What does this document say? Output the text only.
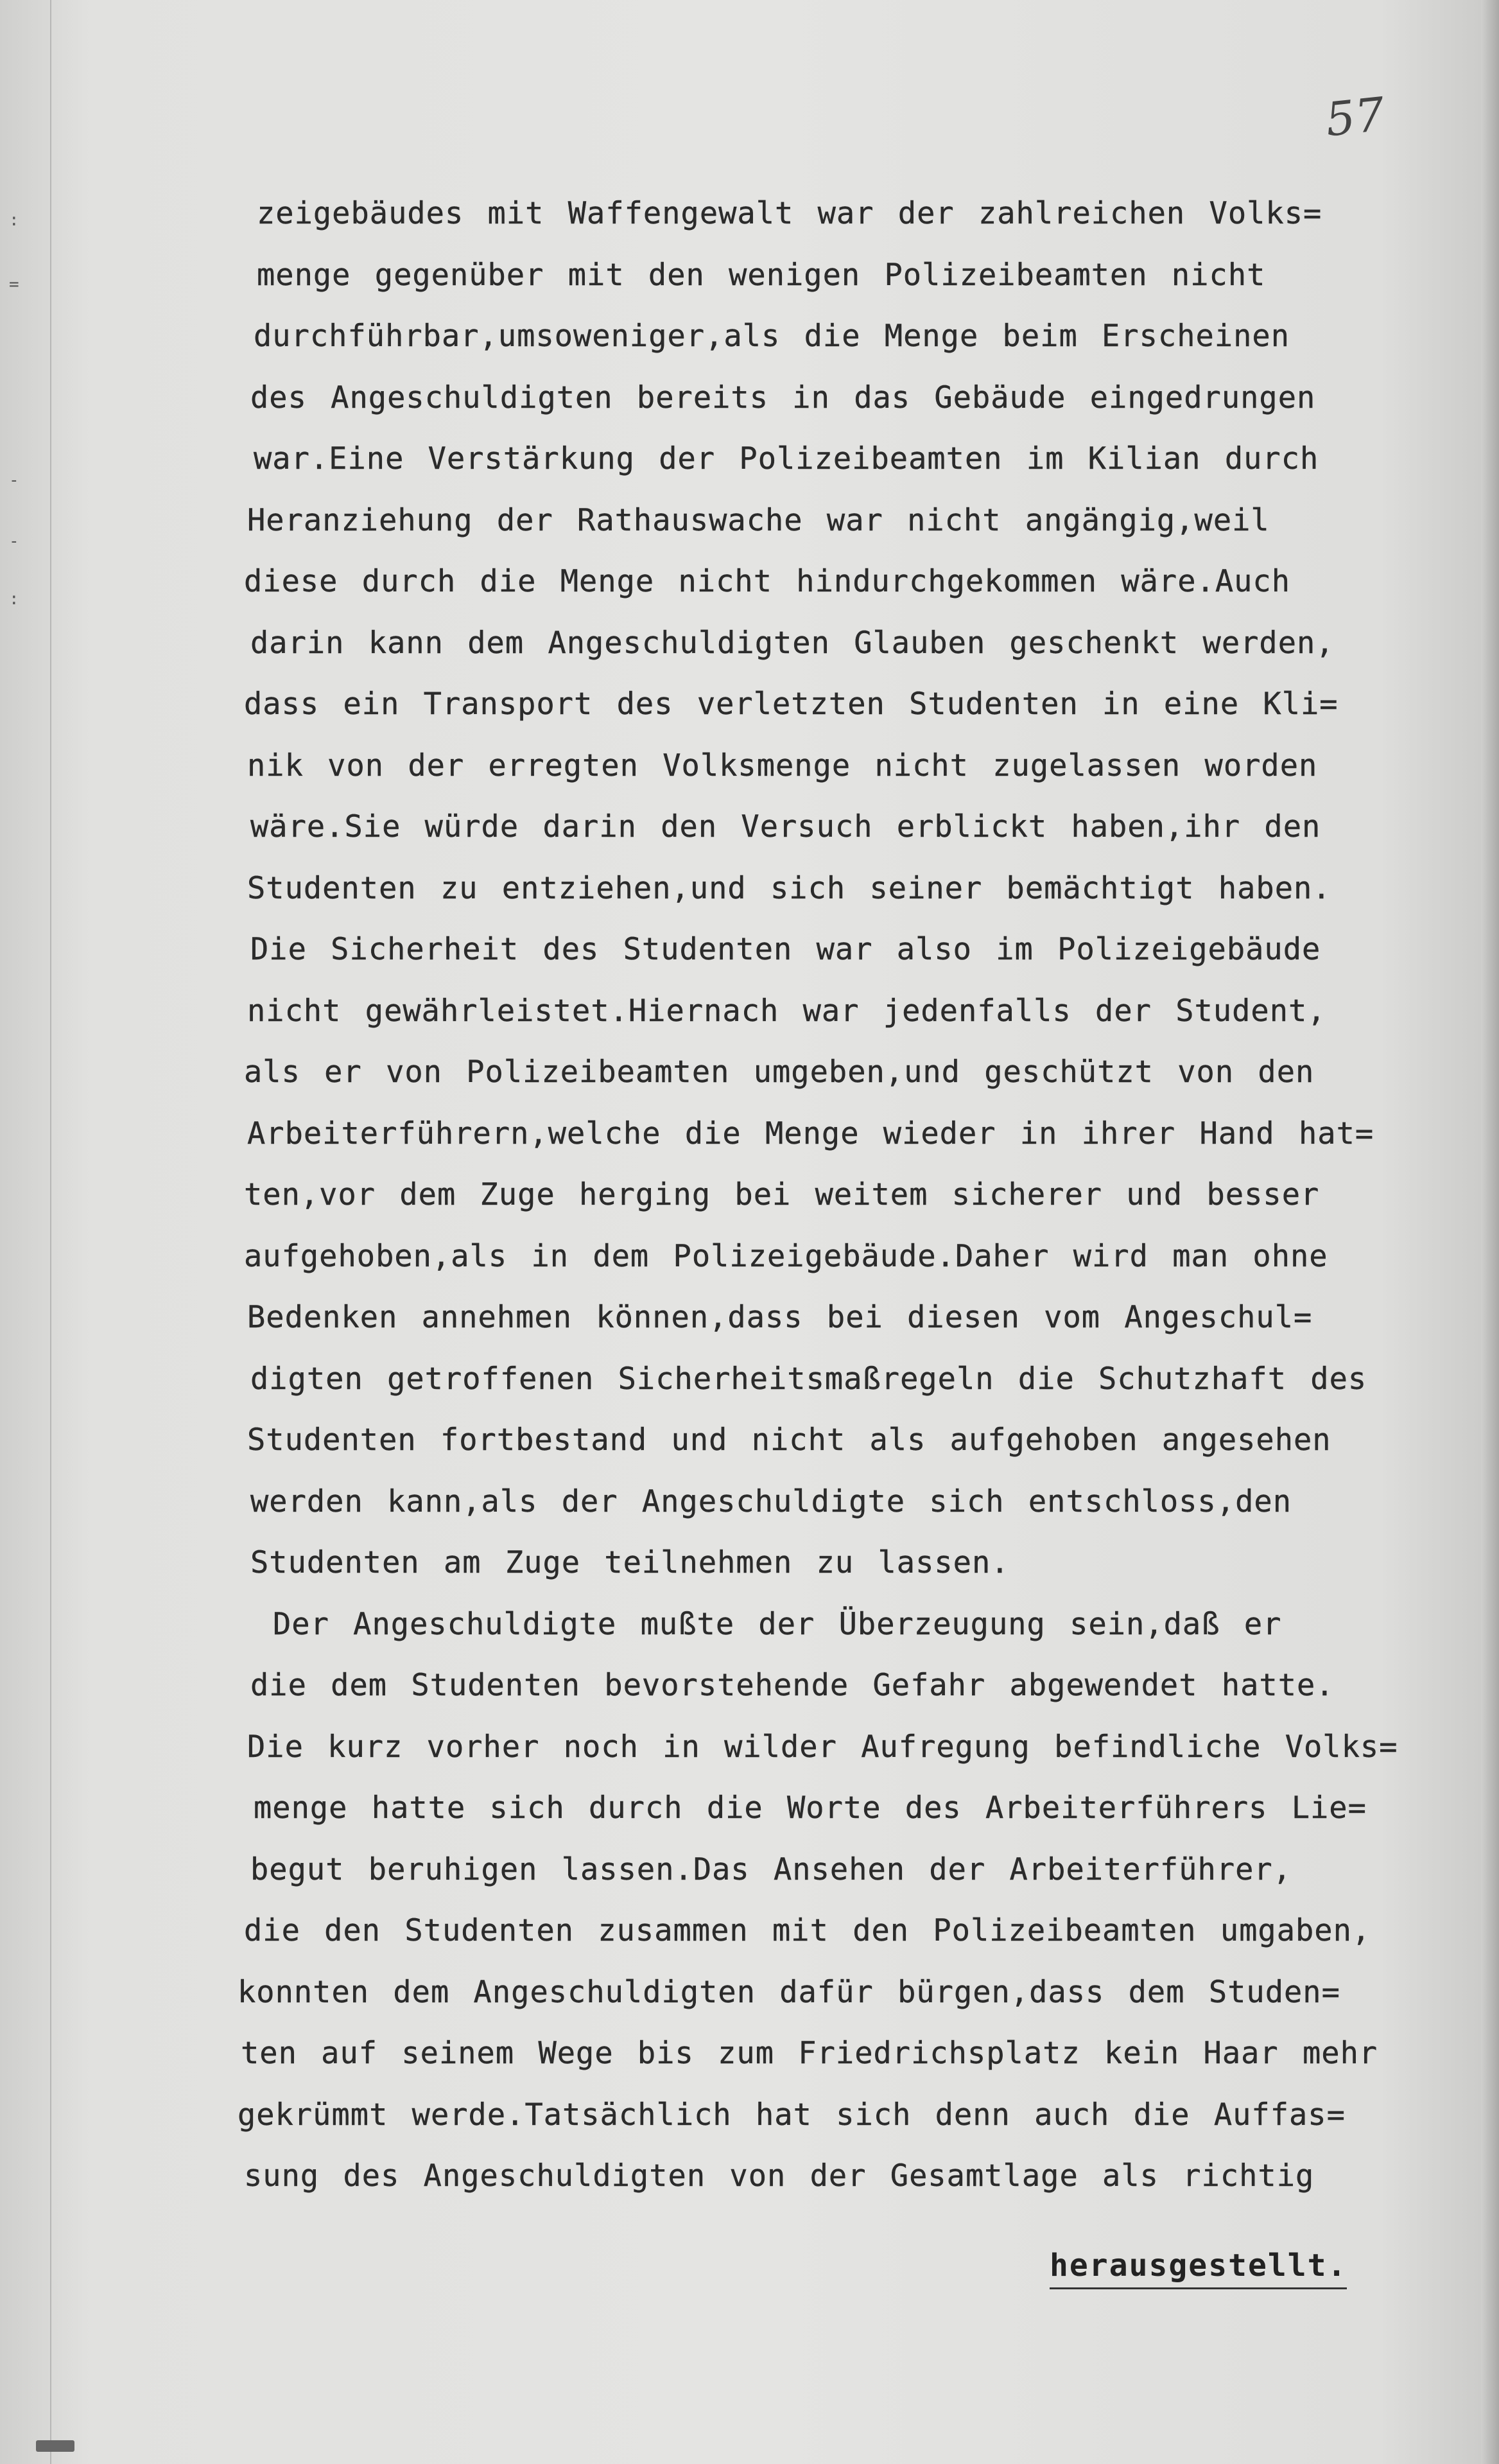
:
=
-
-
:
57
zeigebäudes mit Waffengewalt war der zahlreichen Volks=
menge gegenüber mit den wenigen Polizeibeamten nicht
durchführbar,umsoweniger,als die Menge beim Erscheinen
des Angeschuldigten bereits in das Gebäude eingedrungen
war.Eine Verstärkung der Polizeibeamten im Kilian durch
Heranziehung der Rathauswache war nicht angängig,weil
diese durch die Menge nicht hindurchgekommen wäre.Auch
darin kann dem Angeschuldigten Glauben geschenkt werden,
dass ein Transport des verletzten Studenten in eine Kli=
nik von der erregten Volksmenge nicht zugelassen worden
wäre.Sie würde darin den Versuch erblickt haben,ihr den
Studenten zu entziehen,und sich seiner bemächtigt haben.
Die Sicherheit des Studenten war also im Polizeigebäude
nicht gewährleistet.Hiernach war jedenfalls der Student,
als er von Polizeibeamten umgeben,und geschützt von den
Arbeiterführern,welche die Menge wieder in ihrer Hand hat=
ten,vor dem Zuge herging bei weitem sicherer und besser
aufgehoben,als in dem Polizeigebäude.Daher wird man ohne
Bedenken annehmen können,dass bei diesen vom Angeschul=
digten getroffenen Sicherheitsmaßregeln die Schutzhaft des
Studenten fortbestand und nicht als aufgehoben angesehen
werden kann,als der Angeschuldigte sich entschloss,den
Studenten am Zuge teilnehmen zu lassen.
Der Angeschuldigte mußte der Überzeugung sein,daß er
die dem Studenten bevorstehende Gefahr abgewendet hatte.
Die kurz vorher noch in wilder Aufregung befindliche Volks=
menge hatte sich durch die Worte des Arbeiterführers Lie=
begut beruhigen lassen.Das Ansehen der Arbeiterführer,
die den Studenten zusammen mit den Polizeibeamten umgaben,
konnten dem Angeschuldigten dafür bürgen,dass dem Studen=
ten auf seinem Wege bis zum Friedrichsplatz kein Haar mehr
gekrümmt werde.Tatsächlich hat sich denn auch die Auffas=
sung des Angeschuldigten von der Gesamtlage als richtig
herausgestellt.
